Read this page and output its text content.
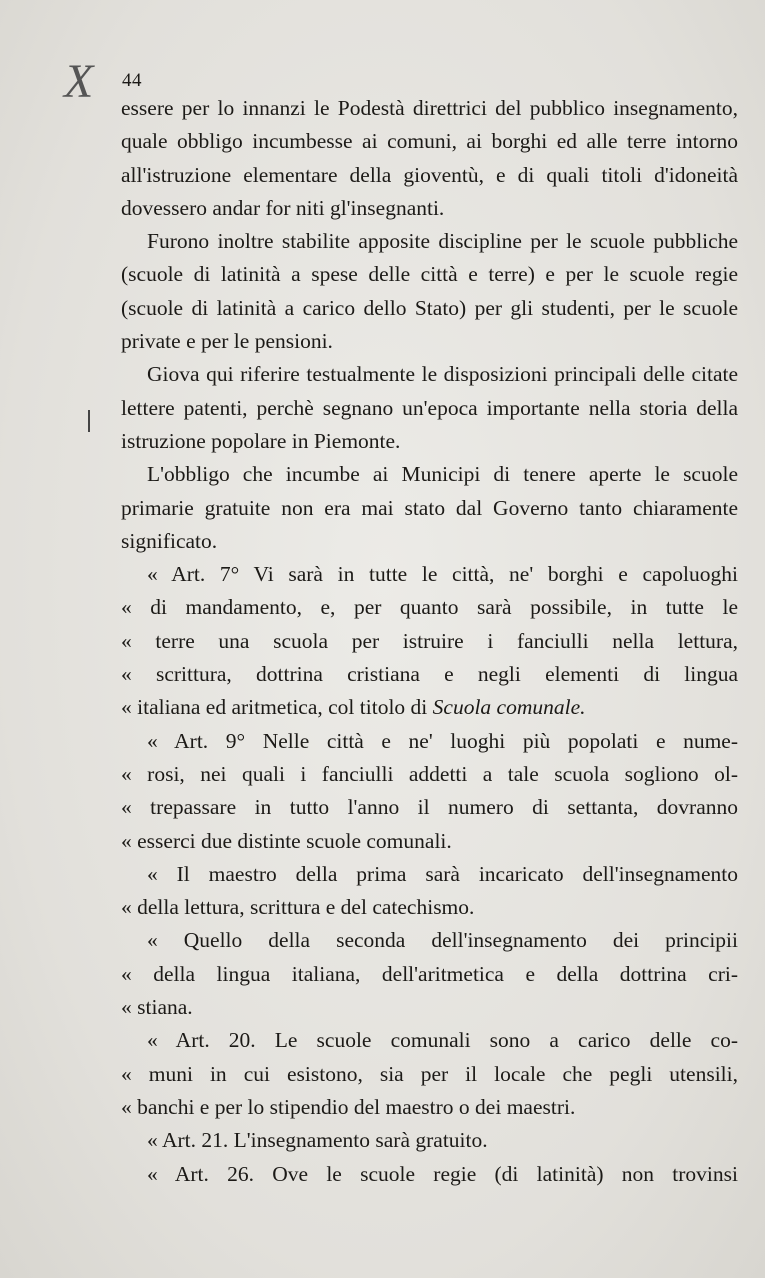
X 44

essere per lo innanzi le Podestà direttrici del pubblico insegnamento, quale obbligo incumbesse ai comuni, ai borghi ed alle terre intorno all'istruzione elementare della gioventù, e di quali titoli d'idoneità dovessero andar for niti gl'insegnanti.

Furono inoltre stabilite apposite discipline per le scuole pubbliche (scuole di latinità a spese delle città e terre) e per le scuole regie (scuole di latinità a carico dello Stato) per gli studenti, per le scuole private e per le pensioni.

Giova qui riferire testualmente le disposizioni principali delle citate lettere patenti, perchè segnano un'epoca importante nella storia della istruzione popolare in Piemonte.

L'obbligo che incumbe ai Municipi di tenere aperte le scuole primarie gratuite non era mai stato dal Governo tanto chiaramente significato.

« Art. 7° Vi sarà in tutte le città, ne' borghi e capoluoghi
« di mandamento, e, per quanto sarà possibile, in tutte le
« terre una scuola per istruire i fanciulli nella lettura,
« scrittura, dottrina cristiana e negli elementi di lingua
« italiana ed aritmetica, col titolo di Scuola comunale.
« Art. 9° Nelle città e ne' luoghi più popolati e nume-
« rosi, nei quali i fanciulli addetti a tale scuola sogliono ol-
« trepassare in tutto l'anno il numero di settanta, dovranno
« esserci due distinte scuole comunali.
« Il maestro della prima sarà incaricato dell'insegnamento
« della lettura, scrittura e del catechismo.
« Quello della seconda dell'insegnamento dei principii
« della lingua italiana, dell'aritmetica e della dottrina cri-
« stiana.
« Art. 20. Le scuole comunali sono a carico delle co-
« muni in cui esistono, sia per il locale che pegli utensili,
« banchi e per lo stipendio del maestro o dei maestri.
« Art. 21. L'insegnamento sarà gratuito.
« Art. 26. Ove le scuole regie (di latinità) non trovinsi
